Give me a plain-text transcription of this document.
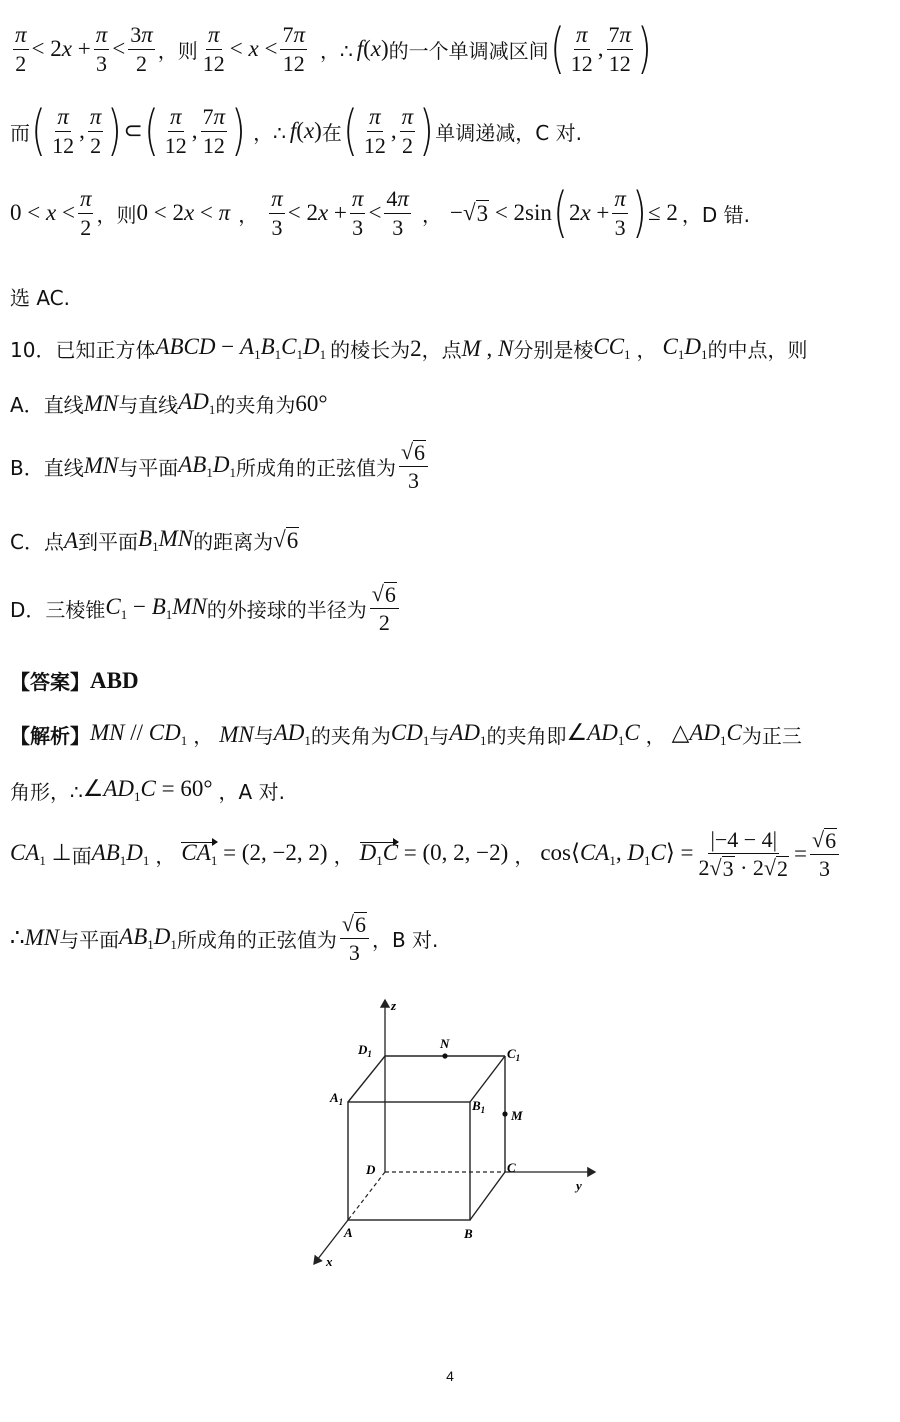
$\frac{\pi}{2} < 2x + \frac{\pi}{3} < \frac{3\pi}{2}$ ，则 $\frac{\pi}{12} < x < \frac{7\pi}{12}$ ，∴ f(x) 的一个单调减区间 ( $\frac{\pi}{12}$ , $\frac{7\pi}{12}$ )
而 ( $\frac{\pi}{12}$ , $\frac{\pi}{2}$ ) ⊂ ( $\frac{\pi}{12}$ , $\frac{7\pi}{12}$ ) ，∴ f(x) 在 ( $\frac{\pi}{12}$ , $\frac{\pi}{2}$ ) 单调递减，C 对.
$0 < x < \frac{\pi}{2}$ ，则 0 < 2x < π ， $\frac{\pi}{3} < 2x + \frac{\pi}{3} < \frac{4\pi}{3}$ ， −√ 3 < 2sin ( $2x + \frac{\pi}{3}$ ) ≤ 2 ， D 错.
选 AC.
10． 已知正方体 ABCD − $A_1B_1C_1D_1$ 的棱长为 2 ，点 M , N 分别是棱 $CC_1$ ， $C_1D_1$ 的中点，则
A． 直线 MN 与直线 $AD_1$ 的夹角为 60°
B． 直线 MN 与平面 $AB_1D_1$ 所成角的正弦值为 $\frac{√ 6}{3}$
C． 点 A 到平面 $B_1MN$ 的距离为 √ 6
D． 三棱锥 $C_1 - B_1MN$ 的外接球的半径为 $\frac{√ 6}{2}$
【答案】 ABD
【解析】 MN // $CD_1$ ， MN 与 $AD_1$ 的夹角为 $CD_1$ 与 $AD_1$ 的夹角即 $\angle AD_1C$ ， $\triangle AD_1C$ 为正三
角形，∴ $\angle AD_1C = 60^\circ$ ，A 对.
$CA_1$ ⊥ 面 $AB_1D_1$ ， $CA_1 = (2$, −2, 2) ， $D_1C = (0$, 2, −2) ， $\cos⟨CA_1$, $D_1C⟩ = \frac{|-4 - 4|}{2√ 3 \cdot 2√ 2} = \frac{√ 6}{3}$
∴ MN 与平面 $AB_1D_1$ 所成角的正弦值为 $\frac{√ 6}{3}$ ，B 对.
z
$D_1$
N
$C_1$
$A_1$	$B_1$ M
D	C
y
A	B
x
4
